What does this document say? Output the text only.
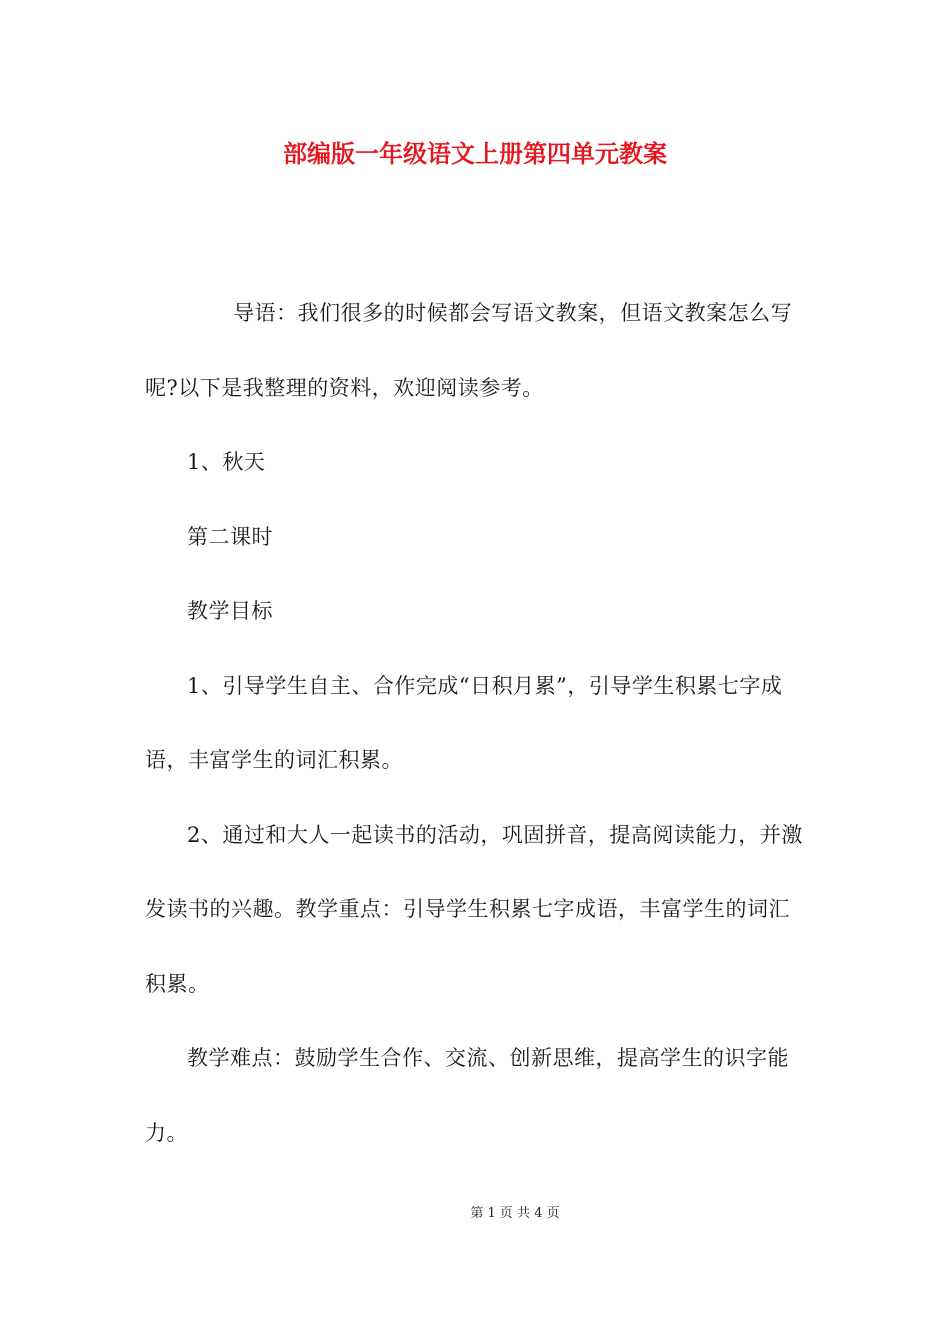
部编版一年级语文上册第四单元教案

导语：我们很多的时候都会写语文教案，但语文教案怎么写呢?以下是我整理的资料，欢迎阅读参考。

1、秋天

第二课时

教学目标

1、引导学生自主、合作完成“日积月累”，引导学生积累七字成语，丰富学生的词汇积累。

2、通过和大人一起读书的活动，巩固拼音，提高阅读能力，并激发读书的兴趣。教学重点：引导学生积累七字成语，丰富学生的词汇积累。

教学难点：鼓励学生合作、交流、创新思维，提高学生的识字能力。

第 1 页 共 4 页
